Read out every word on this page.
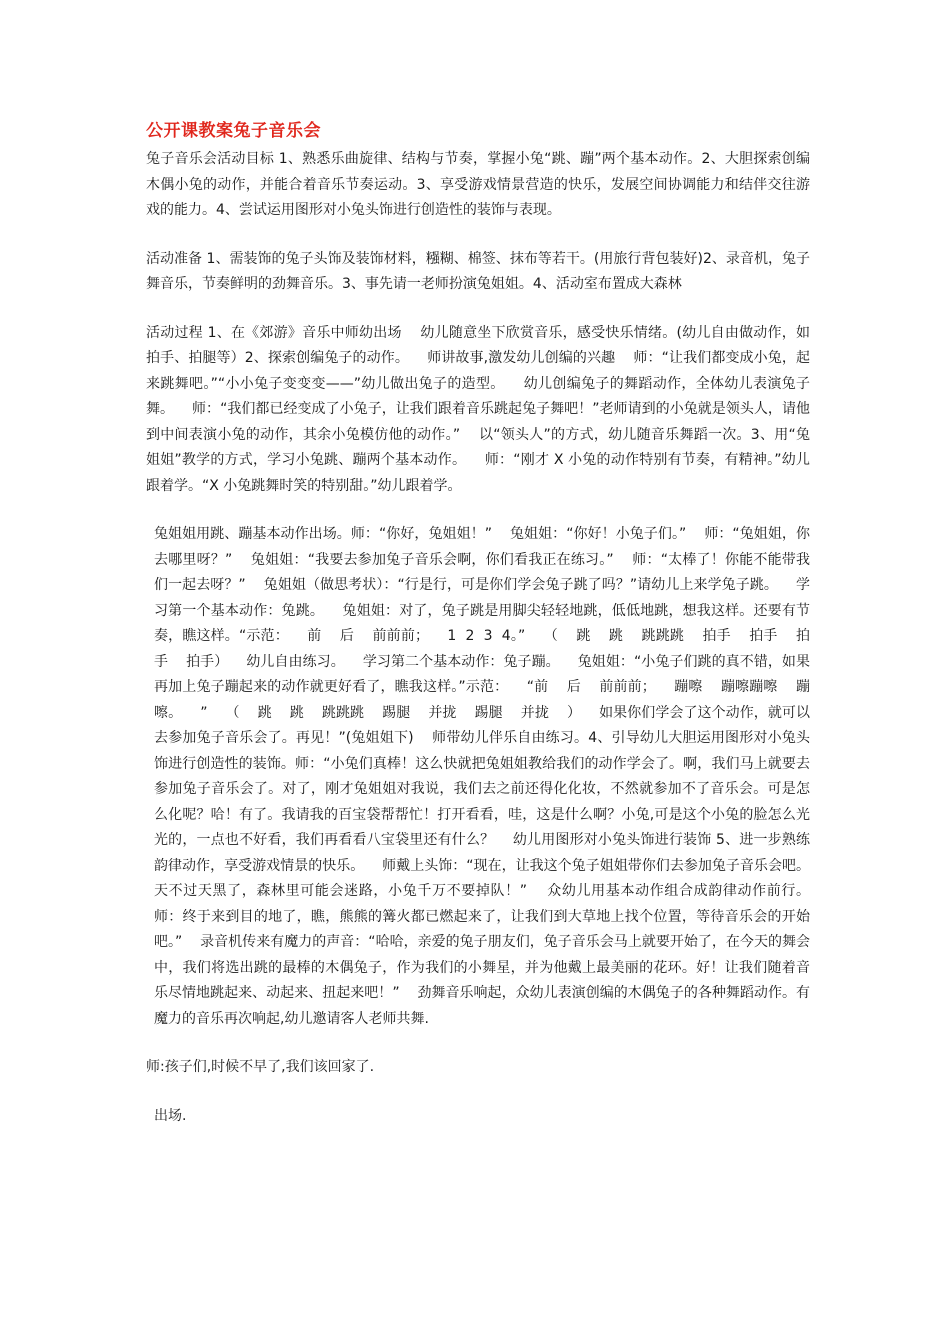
公开课教案兔子音乐会

兔子音乐会活动目标 1、熟悉乐曲旋律、结构与节奏，掌握小兔“跳、蹦”两个基本动作。2、大胆探索创编木偶小兔的动作，并能合着音乐节奏运动。3、享受游戏情景营造的快乐，发展空间协调能力和结伴交往游戏的能力。4、尝试运用图形对小兔头饰进行创造性的装饰与表现。

活动准备 1、需装饰的兔子头饰及装饰材料，糨糊、棉签、抹布等若干。(用旅行背包装好)2、录音机，兔子舞音乐，节奏鲜明的劲舞音乐。3、事先请一老师扮演兔姐姐。4、活动室布置成大森林

活动过程 1、在《郊游》音乐中师幼出场    幼儿随意坐下欣赏音乐，感受快乐情绪。(幼儿自由做动作，如拍手、拍腿等）2、探索创编兔子的动作。    师讲故事,激发幼儿创编的兴趣    师：“让我们都变成小兔，起来跳舞吧。”“小小兔子变变变——”幼儿做出兔子的造型。    幼儿创编兔子的舞蹈动作，全体幼儿表演兔子舞。    师：“我们都已经变成了小兔子，让我们跟着音乐跳起兔子舞吧！”老师请到的小兔就是领头人，请他到中间表演小兔的动作，其余小兔模仿他的动作。”    以“领头人”的方式，幼儿随音乐舞蹈一次。3、用“兔姐姐”教学的方式，学习小兔跳、蹦两个基本动作。    师：“刚才 X 小兔的动作特别有节奏，有精神。”幼儿跟着学。“X 小兔跳舞时笑的特别甜。”幼儿跟着学。

兔姐姐用跳、蹦基本动作出场。师：“你好，兔姐姐！”    兔姐姐：“你好！小兔子们。”    师：“兔姐姐，你去哪里呀？”    兔姐姐：“我要去参加兔子音乐会啊，你们看我正在练习。”    师：“太棒了！你能不能带我们一起去呀？”    兔姐姐（做思考状）：“行是行，可是你们学会兔子跳了吗？”请幼儿上来学兔子跳。    学习第一个基本动作：兔跳。    兔姐姐：对了，兔子跳是用脚尖轻轻地跳，低低地跳，想我这样。还要有节奏，瞧这样。“示范：    前    后    前前前；    1  2  3  4。”    （    跳    跳    跳跳跳    拍手    拍手    拍手    拍手）    幼儿自由练习。    学习第二个基本动作：兔子蹦。    兔姐姐：“小兔子们跳的真不错，如果再加上兔子蹦起来的动作就更好看了，瞧我这样。”示范：    “前    后    前前前；    蹦嚓    蹦嚓蹦嚓    蹦嚓。    ”    （    跳    跳    跳跳跳    踢腿    并拢    踢腿    并拢    ）    如果你们学会了这个动作，就可以去参加兔子音乐会了。再见！”(兔姐姐下)    师带幼儿伴乐自由练习。4、引导幼儿大胆运用图形对小兔头饰进行创造性的装饰。师：“小兔们真棒！这么快就把兔姐姐教给我们的动作学会了。啊，我们马上就要去参加兔子音乐会了。对了，刚才兔姐姐对我说，我们去之前还得化化妆，不然就参加不了音乐会。可是怎么化呢？哈！有了。我请我的百宝袋帮帮忙！打开看看，哇，这是什么啊？小兔,可是这个小兔的脸怎么光光的，一点也不好看，我们再看看八宝袋里还有什么？    幼儿用图形对小兔头饰进行装饰 5、进一步熟练韵律动作，享受游戏情景的快乐。    师戴上头饰：“现在，让我这个兔子姐姐带你们去参加兔子音乐会吧。天不过天黑了，森林里可能会迷路，小兔千万不要掉队！”    众幼儿用基本动作组合成韵律动作前行。    师：终于来到目的地了，瞧，熊熊的篝火都已燃起来了，让我们到大草地上找个位置，等待音乐会的开始吧。”    录音机传来有魔力的声音：“哈哈，亲爱的兔子朋友们，兔子音乐会马上就要开始了，在今天的舞会中，我们将选出跳的最棒的木偶兔子，作为我们的小舞星，并为他戴上最美丽的花环。好！让我们随着音乐尽情地跳起来、动起来、扭起来吧！”    劲舞音乐响起，众幼儿表演创编的木偶兔子的各种舞蹈动作。有魔力的音乐再次响起,幼儿邀请客人老师共舞.

师:孩子们,时候不早了,我们该回家了.

出场.
